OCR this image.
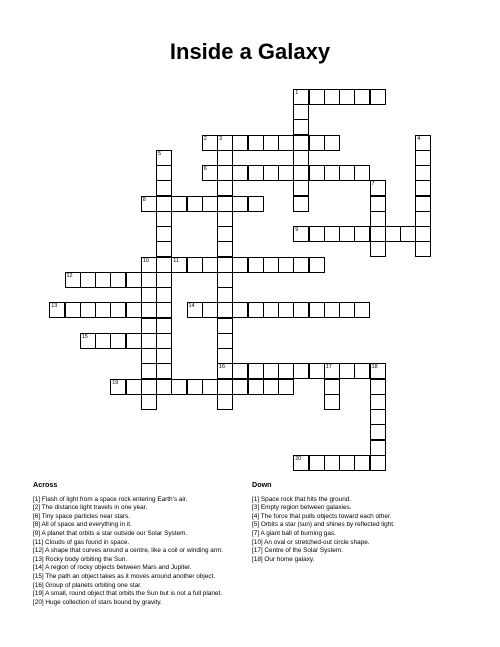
Inside a Galaxy
1
2 3
6
8
9
11
12
13	14
15
16	17	18
19
20
4
5
7
10
Across
[1] Flash of light from a space rock entering Earth's air.
[2] The distance light travels in one year.
[6] Tiny space particles near stars.
[8] All of space and everything in it.
[9] A planet that orbits a star outside our Solar System.
[11] Clouds of gas found in space.
[12] A shape that curves around a centre, like a coil or winding arm.
[13] Rocky body orbiting the Sun.
[14] A region of rocky objects between Mars and Jupiter.
[15] The path an object takes as it moves around another object.
[16] Group of planets orbiting one star.
[19] A small, round object that orbits the Sun but is not a full planet.
[20] Huge collection of stars bound by gravity.
Down
[1] Space rock that hits the ground.
[3] Empty region between galaxies.
[4] The force that pulls objects toward each other.
[5] Orbits a star (sun) and shines by reflected light.
[7] A giant ball of burning gas.
[10] An oval or stretched-out circle shape.
[17] Centre of the Solar System.
[18] Our home galaxy.
